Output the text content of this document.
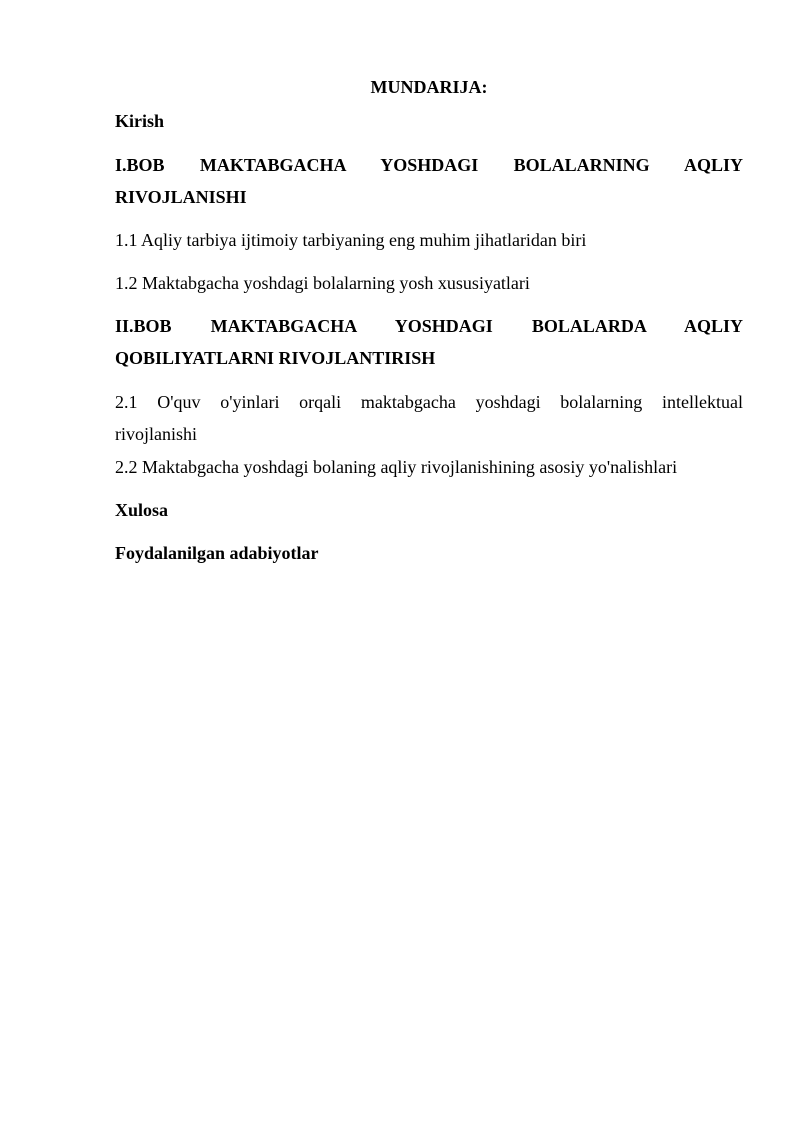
MUNDARIJA:
Kirish
I.BOB MAKTABGACHA YOSHDAGI BOLALARNING AQLIY
RIVOJLANISHI
1.1 Aqliy tarbiya ijtimoiy tarbiyaning eng muhim jihatlaridan biri
1.2 Maktabgacha yoshdagi bolalarning yosh xususiyatlari
II.BOB MAKTABGACHA YOSHDAGI BOLALARDA AQLIY
QOBILIYATLARNI RIVOJLANTIRISH
2.1 O'quv o'yinlari orqali maktabgacha yoshdagi bolalarning intellektual
rivojlanishi
2.2 Maktabgacha yoshdagi bolaning aqliy rivojlanishining asosiy yo'nalishlari
Xulosa
Foydalanilgan adabiyotlar
